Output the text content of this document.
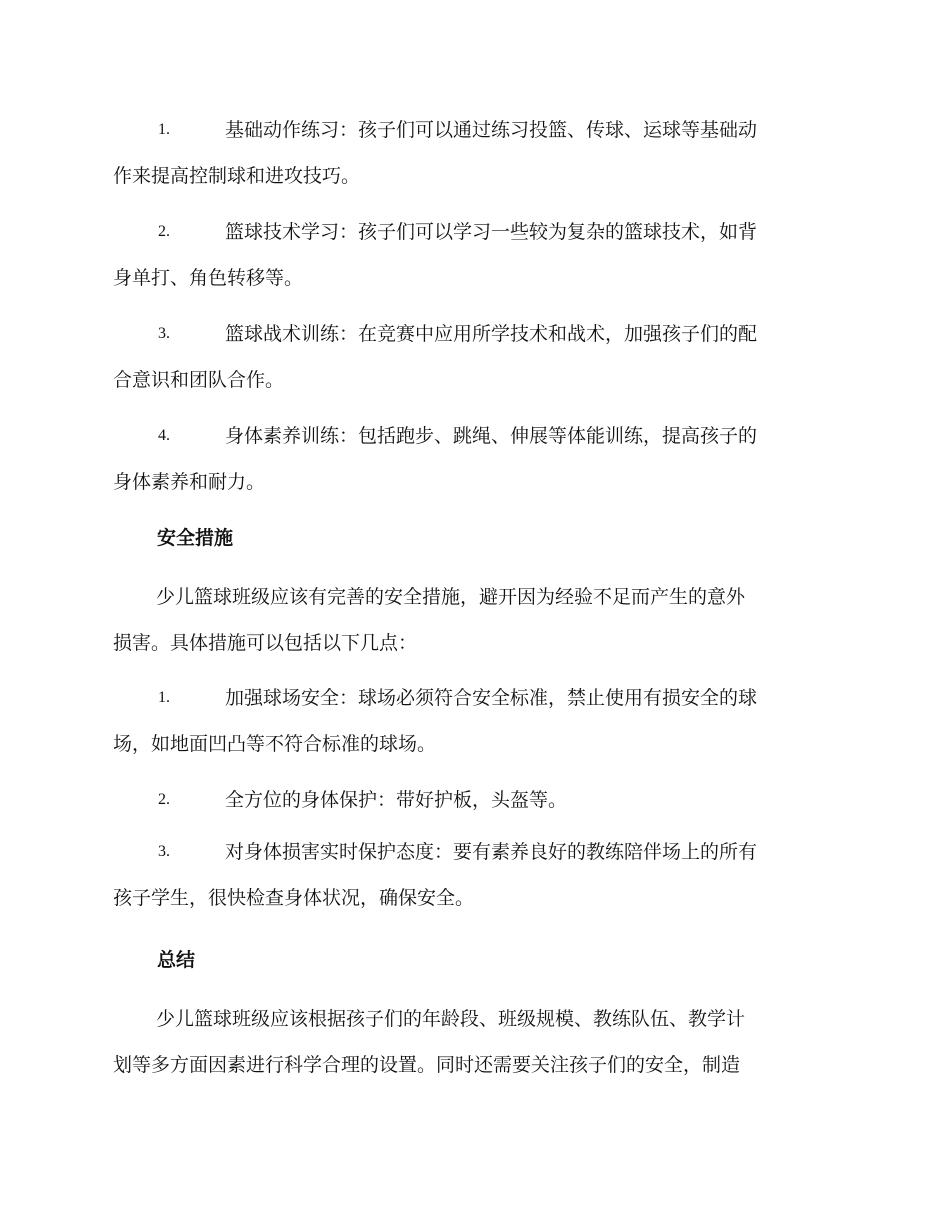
1.	基础动作练习：孩子们可以通过练习投篮、传球、运球等基础动
作来提高控制球和进攻技巧。
2.	篮球技术学习：孩子们可以学习一些较为复杂的篮球技术，如背
身单打、角色转移等。
3.	篮球战术训练：在竞赛中应用所学技术和战术，加强孩子们的配
合意识和团队合作。
4.	身体素养训练：包括跑步、跳绳、伸展等体能训练，提高孩子的
身体素养和耐力。
安全措施
少儿篮球班级应该有完善的安全措施，避开因为经验不足而产生的意外
损害。具体措施可以包括以下几点：
1.	加强球场安全：球场必须符合安全标准，禁止使用有损安全的球
场，如地面凹凸等不符合标准的球场。
2.	全方位的身体保护：带好护板，头盔等。
3.	对身体损害实时保护态度：要有素养良好的教练陪伴场上的所有
孩子学生，很快检查身体状况，确保安全。
总结
少儿篮球班级应该根据孩子们的年龄段、班级规模、教练队伍、教学计
划等多方面因素进行科学合理的设置。同时还需要关注孩子们的安全，制造
